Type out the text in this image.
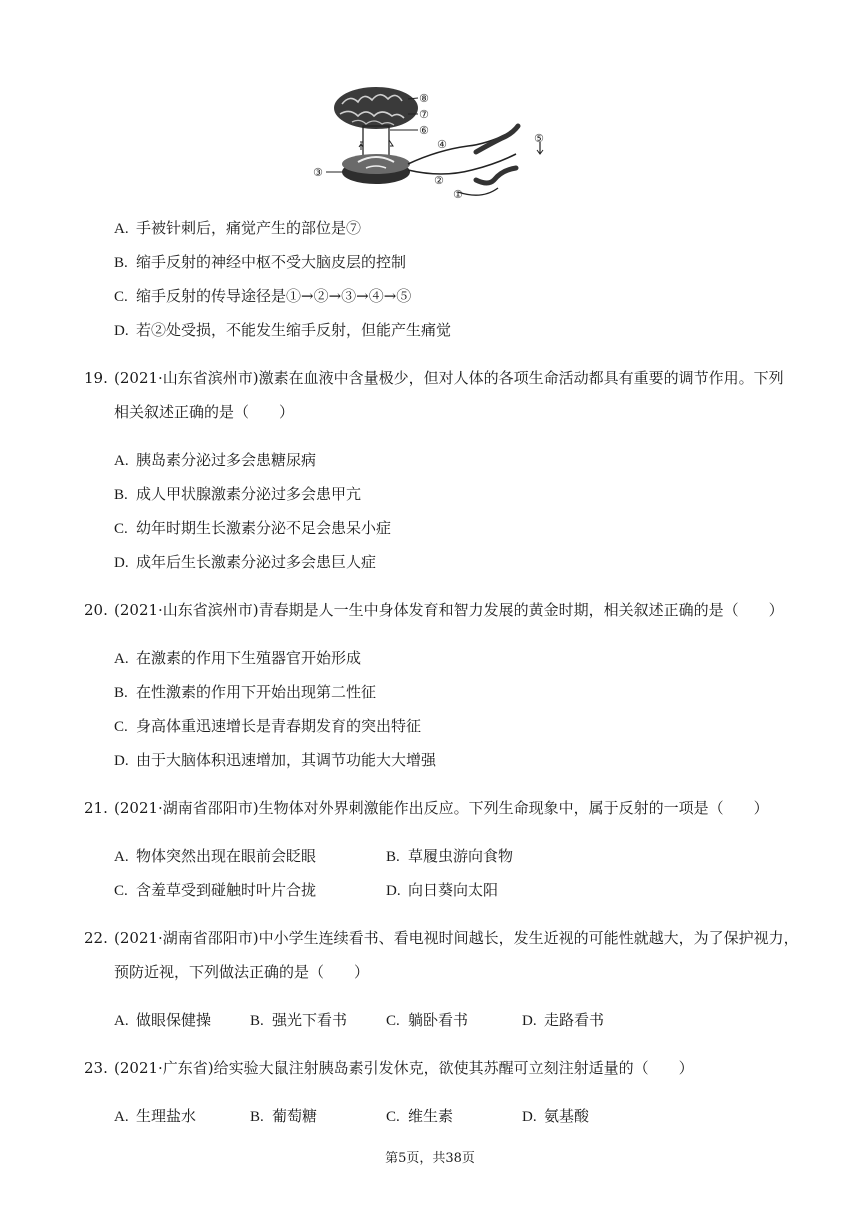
⑧
⑦
⑥
④	⑤
③
②
①
A. 手被针刺后，痛觉产生的部位是⑦
B. 缩手反射的神经中枢不受大脑皮层的控制
C. 缩手反射的传导途径是①→②→③→④→⑤
D. 若②处受损，不能发生缩手反射，但能产生痛觉
19. (2021·山东省滨州市)激素在血液中含量极少，但对人体的各项生命活动都具有重要的调节作用。下列
相关叙述正确的是（　　）
A. 胰岛素分泌过多会患糖尿病
B. 成人甲状腺激素分泌过多会患甲亢
C. 幼年时期生长激素分泌不足会患呆小症
D. 成年后生长激素分泌过多会患巨人症
20. (2021·山东省滨州市)青春期是人一生中身体发育和智力发展的黄金时期，相关叙述正确的是（　　）
A. 在激素的作用下生殖器官开始形成
B. 在性激素的作用下开始出现第二性征
C. 身高体重迅速增长是青春期发育的突出特征
D. 由于大脑体积迅速增加，其调节功能大大增强
21. (2021·湖南省邵阳市)生物体对外界刺激能作出反应。下列生命现象中，属于反射的一项是（　　）
A. 物体突然出现在眼前会眨眼	B. 草履虫游向食物
C. 含羞草受到碰触时叶片合拢	D. 向日葵向太阳
22. (2021·湖南省邵阳市)中小学生连续看书、看电视时间越长，发生近视的可能性就越大，为了保护视力，
预防近视，下列做法正确的是（　　）
A. 做眼保健操	B. 强光下看书	C. 躺卧看书	D. 走路看书
23. (2021·广东省)给实验大鼠注射胰岛素引发休克，欲使其苏醒可立刻注射适量的（　　）
A. 生理盐水	B. 葡萄糖	C. 维生素	D. 氨基酸
第5页，共38页
